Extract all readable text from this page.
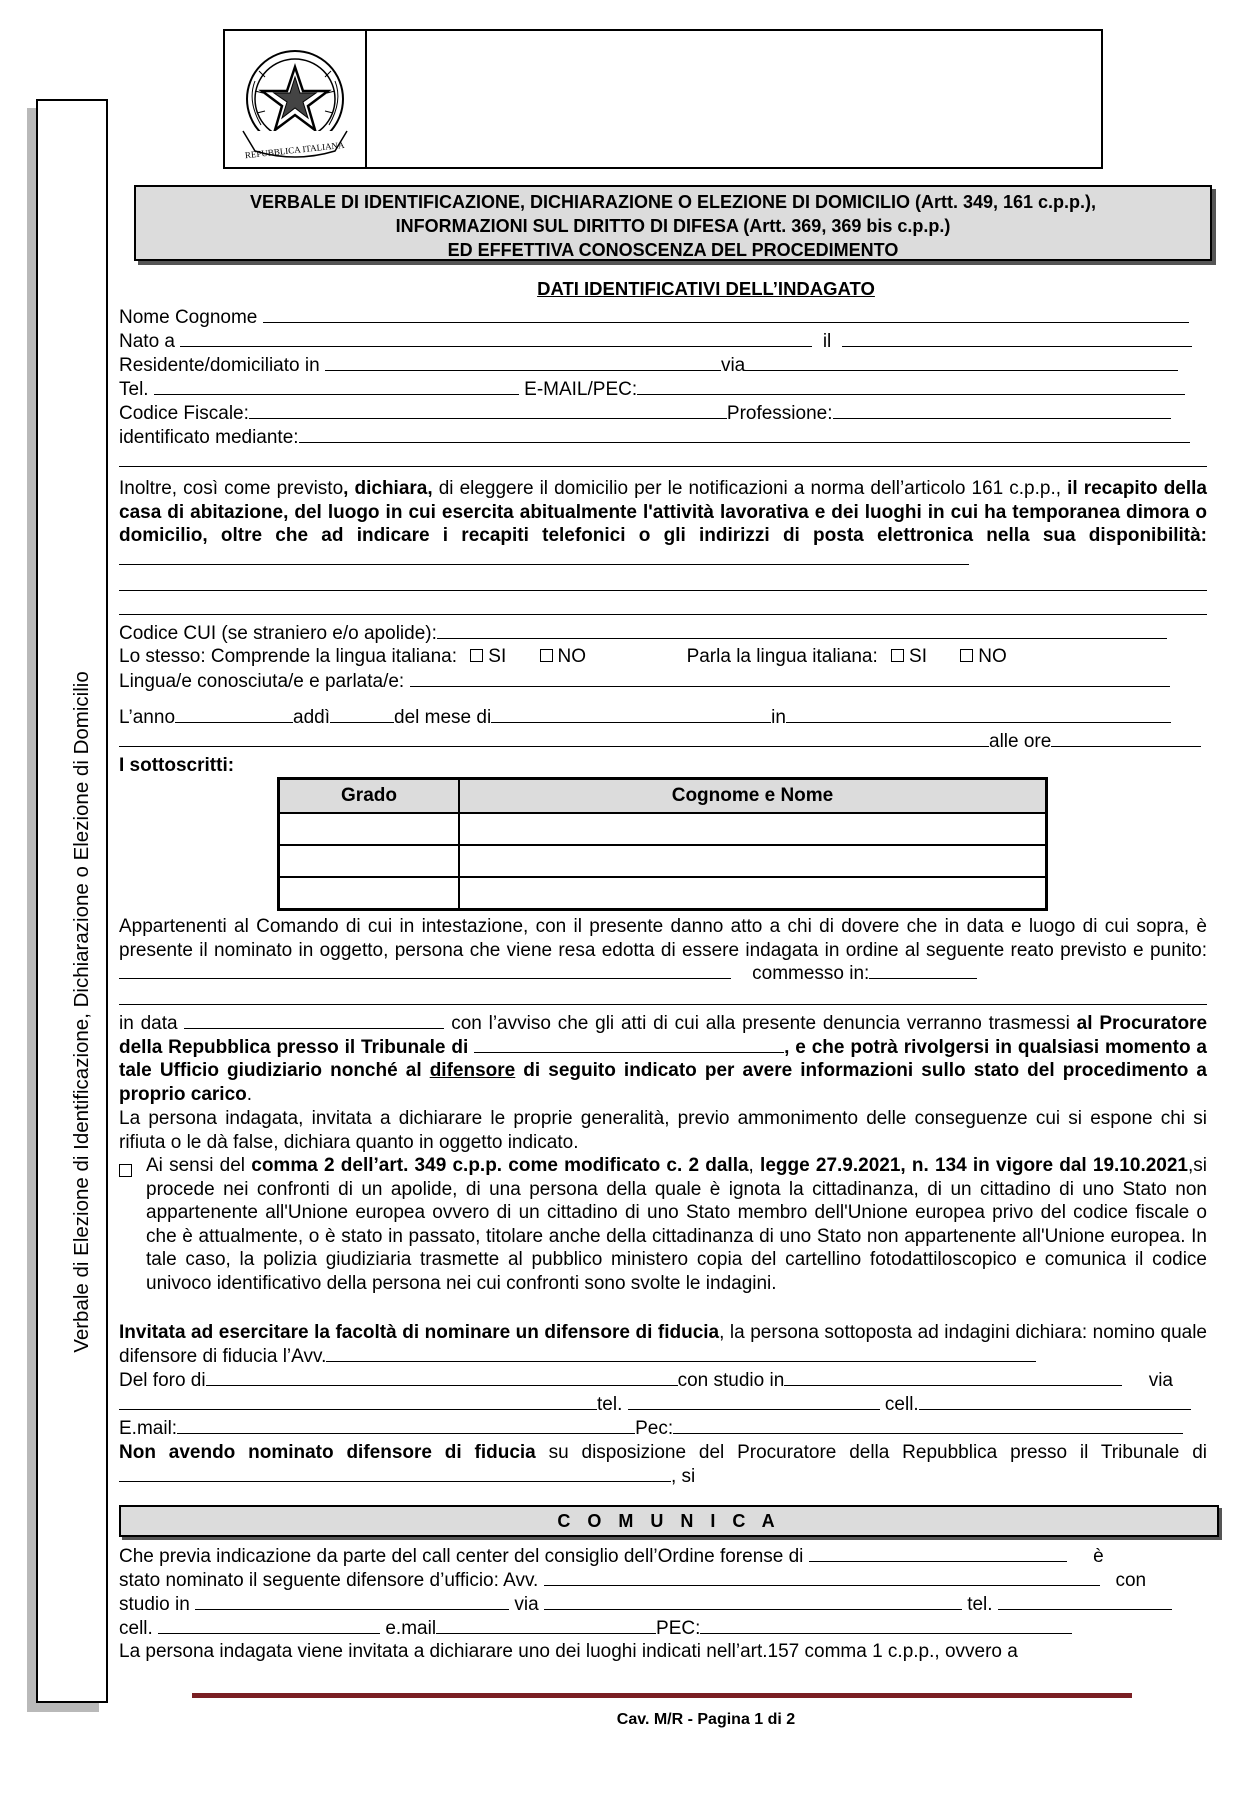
Verbale di Elezione di Identificazione, Dichiarazione o Elezione di Domicilio
REPUBBLICA ITALIANA
VERBALE DI IDENTIFICAZIONE, DICHIARAZIONE O ELEZIONE DI DOMICILIO (Artt. 349, 161 c.p.p.),
INFORMAZIONI SUL DIRITTO DI DIFESA (Artt. 369, 369 bis c.p.p.)
ED EFFETTIVA CONOSCENZA DEL PROCEDIMENTO
DATI IDENTIFICATIVI DELL’INDAGATO
Nome Cognome
Nato a	il
Residente/domiciliato in	via
Tel.	E-MAIL/PEC:
Codice Fiscale:	Professione:
identificato mediante:
Inoltre, così come previsto, dichiara, di eleggere il domicilio per le notificazioni a norma dell’articolo 161 c.p.p., il recapito della casa di abitazione, del luogo in cui esercita abitualmente l'attività lavorativa e dei luoghi in cui ha temporanea dimora o domicilio, oltre che ad indicare i recapiti telefonici o gli indirizzi di posta elettronica nella sua disponibilità:
Codice CUI (se straniero e/o apolide):
Lo stesso: Comprende la lingua italiana: SI	NO	Parla la lingua italiana: SI	NO
Lingua/e conosciuta/e e parlata/e:
L’anno	addì	del mese di	in
alle ore
I sottoscritti:
Grado	Cognome e Nome

Appartenenti al Comando di cui in intestazione, con il presente danno atto a chi di dovere che in data e luogo di cui sopra, è presente il nominato in oggetto, persona che viene resa edotta di essere indagata in ordine al seguente reato previsto e punito:    commesso in:
in data	con l’avviso che gli atti di cui alla presente denuncia verranno trasmessi al Procuratore della Repubblica presso il Tribunale di	, e che potrà rivolgersi in qualsiasi momento a tale Ufficio giudiziario nonché al difensore di seguito indicato per avere informazioni sullo stato del procedimento a proprio carico.
La persona indagata, invitata a dichiarare le proprie generalità, previo ammonimento delle conseguenze cui si espone chi si rifiuta o le dà false, dichiara quanto in oggetto indicato.
Ai sensi del comma 2 dell’art. 349 c.p.p. come modificato c. 2 dalla, legge 27.9.2021, n. 134 in vigore dal 19.10.2021,si procede nei confronti di un apolide, di una persona della quale è ignota la cittadinanza, di un cittadino di uno Stato non appartenente all'Unione europea ovvero di un cittadino di uno Stato membro dell'Unione europea privo del codice fiscale o che è attualmente, o è stato in passato, titolare anche della cittadinanza di uno Stato non appartenente all'Unione europea. In tale caso, la polizia giudiziaria trasmette al pubblico ministero copia del cartellino fotodattiloscopico e comunica il codice univoco identificativo della persona nei cui confronti sono svolte le indagini.
Invitata ad esercitare la facoltà di nominare un difensore di fiducia, la persona sottoposta ad indagini dichiara: nomino quale difensore di fiducia l’Avv.
Del foro di	con studio in	via
tel.	cell.
E.mail:	Pec:
Non avendo nominato difensore di fiducia su disposizione del Procuratore della Repubblica presso il Tribunale di , si
C O M U N I C A
Che previa indicazione da parte del call center del consiglio dell’Ordine forense di	è
stato nominato il seguente difensore d’ufficio: Avv.	con
studio in	via	tel.
cell.	e.mail	PEC:
La persona indagata viene invitata a dichiarare uno dei luoghi indicati nell’art.157 comma 1 c.p.p., ovvero a
Cav. M/R - Pagina 1 di 2
